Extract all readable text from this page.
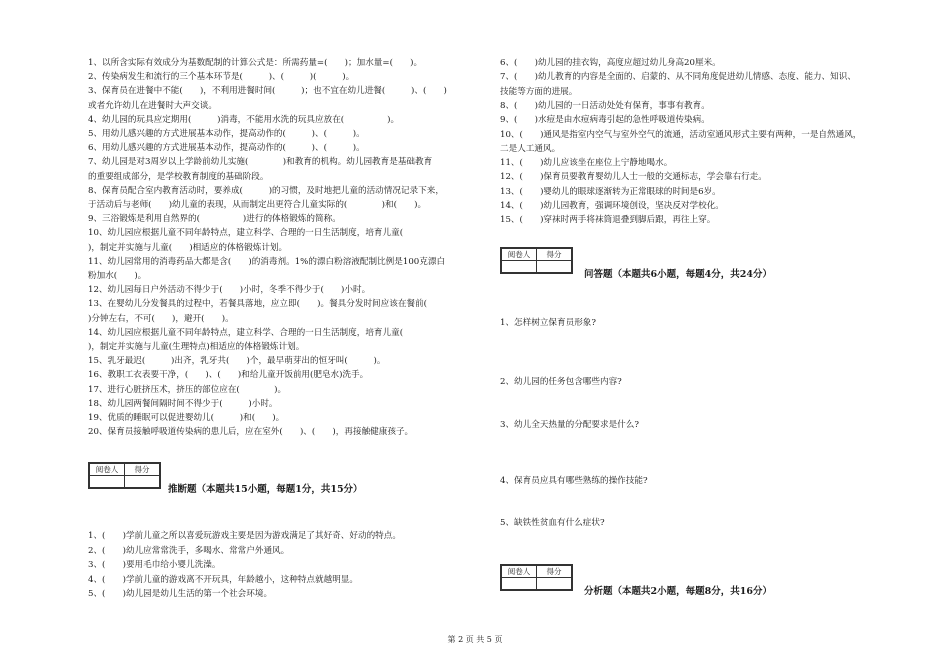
1、以所含实际有效成分为基数配制的计算公式是：所需药量=(　　)；加水量=(　　)。
2、传染病发生和流行的三个基本环节是(　　　)、(　　　)(　　　)。
3、保育员在进餐中不能(　　)，不利用进餐时间(　　　)；也不宜在幼儿进餐(　　　)、(　　)
或者允许幼儿在进餐时大声交谈。
4、幼儿园的玩具应定期用(　　　)消毒，不能用水洗的玩具应放在(　　　　　)。
5、用幼儿感兴趣的方式进展基本动作，提高动作的(　　　)、(　　　)。
6、用幼儿感兴趣的方式进展基本动作，提高动作的(　　　)、(　　　)。
7、幼儿园是对3周岁以上学龄前幼儿实施(　　　　)和教育的机构。幼儿园教育是基础教育
的重要组成部分，是学校教育制度的基础阶段。
8、保育员配合室内教育活动时，要养成(　　　)的习惯，及时地把儿童的活动情况记录下来，
于活动后与老师(　　)幼儿童的表现，从而制定出更符合儿童实际的(　　　　)和(　　)。
9、三浴锻炼是利用自然界的(　　　　　)进行的体格锻炼的简称。
10、幼儿园应根据儿童不同年龄特点，建立科学、合理的一日生活制度，培育儿童(　　　
)，制定并实施与儿童(　　)相适应的体格锻炼计划。
11、幼儿园常用的消毒药品大都是含(　　)的消毒剂。1%的漂白粉溶液配制比例是100克漂白
粉加水(　　)。
12、幼儿园每日户外活动不得少于(　　)小时，冬季不得少于(　　)小时。
13、在婴幼儿分发餐具的过程中，若餐具落地，应立即(　　)。餐具分发时间应该在餐前(　　
)分钟左右，不可(　　)，避开(　　)。
14、幼儿园应根据儿童不同年龄特点，建立科学、合理的一日生活制度，培育儿童(　　　
)，制定并实施与儿童(生理特点)相适应的体格锻炼计划。
15、乳牙最迟(　　　)出齐，乳牙共(　　)个，最早萌芽出的恒牙叫(　　　)。
16、教职工衣表要干净，(　　)、(　　)和给儿童开饭前用(肥皂水)洗手。
17、进行心脏挤压术，挤压的部位应在(　　　　)。
18、幼儿园两餐间隔时间不得少于(　　　)小时。
19、优质的睡眠可以促进婴幼儿(　　　)和(　　)。
20、保育员接触呼吸道传染病的患儿后，应在室外(　　)、(　　)，再接触健康孩子。
阅卷人	得分

推断题（本题共15小题，每题1分，共15分）
1、(　　)学前儿童之所以喜爱玩游戏主要是因为游戏满足了其好奇、好动的特点。
2、(　　)幼儿应常常洗手，多喝水、常常户外通风。
3、(　　)要用毛巾给小婴儿洗澡。
4、(　　)学前儿童的游戏离不开玩具，年龄越小，这种特点就越明显。
5、(　　)幼儿园是幼儿生活的第一个社会环境。
6、(　　)幼儿园的挂衣钩，高度应超过幼儿身高20厘米。
7、(　　)幼儿教育的内容是全面的、启蒙的、从不同角度促进幼儿情感、态度、能力、知识、
技能等方面的进展。
8、(　　)幼儿园的一日活动处处有保育，事事有教育。
9、(　　)水痘是由水痘病毒引起的急性呼吸道传染病。
10、(　　)通风是指室内空气与室外空气的流通，活动室通风形式主要有两种，一是自然通风，
二是人工通风。
11、(　　)幼儿应该坐在座位上宁静地喝水。
12、(　　)保育员要教育婴幼儿人士一般的交通标志，学会靠右行走。
13、(　　)婴幼儿的眼球逐渐转为正常眼球的时间是6岁。
14、(　　)幼儿园教育，强调环境创设，坚决反对学校化。
15、(　　)穿袜时两手将袜筒退叠到脚后跟，再往上穿。
阅卷人	得分

问答题（本题共6小题，每题4分，共24分）
1、怎样树立保育员形象?
2、幼儿园的任务包含哪些内容?
3、幼儿全天热量的分配要求是什么?
4、保育员应具有哪些熟练的操作技能?
5、缺铁性贫血有什么症状?
阅卷人	得分

分析题（本题共2小题，每题8分，共16分）
第 2 页 共 5 页
